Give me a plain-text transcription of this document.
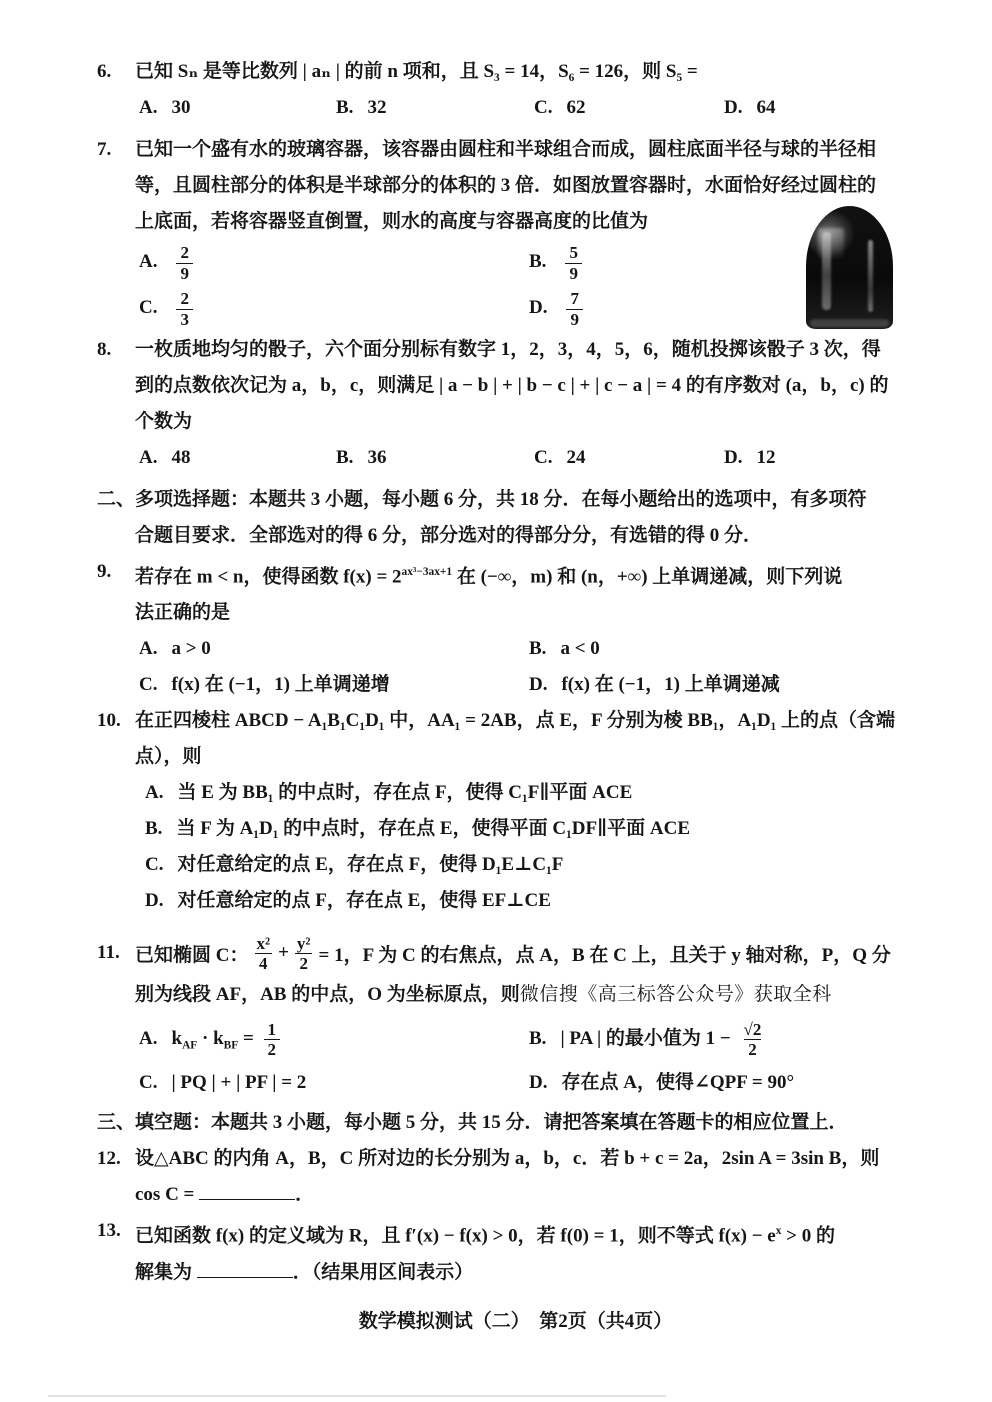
6.	已知 Sₙ 是等比数列 | aₙ | 的前 n 项和，且 S₃ = 14，S₆ = 126，则 S₅ =
A. 30	B. 32	C. 62	D. 64
7.	已知一个盛有水的玻璃容器，该容器由圆柱和半球组合而成，圆柱底面半径与球的半径相
等，且圆柱部分的体积是半球部分的体积的 3 倍．如图放置容器时，水面恰好经过圆柱的
上底面，若将容器竖直倒置，则水的高度与容器高度的比值为
A. $\frac{2}{9}$	B. $\frac{5}{9}$
C. $\frac{2}{3}$	D. $\frac{7}{9}$
8.	一枚质地均匀的骰子，六个面分别标有数字 1，2，3，4，5，6，随机投掷该骰子 3 次，得
到的点数依次记为 a，b，c，则满足 | a − b | + | b − c | + | c − a | = 4 的有序数对 (a，b，c) 的
个数为
A. 48	B. 36	C. 24	D. 12
二、多项选择题：本题共 3 小题，每小题 6 分，共 18 分．在每小题给出的选项中，有多项符
合题目要求．全部选对的得 6 分，部分选对的得部分分，有选错的得 0 分．
9.	若存在 m < n，使得函数 $f(x) = 2^{ax^3-3ax+1}$ 在 (−∞，m) 和 (n，+∞) 上单调递减，则下列说
法正确的是
A. a > 0	B. a < 0
C. f(x) 在 (−1，1) 上单调递增	D. f(x) 在 (−1，1) 上单调递减
10. 在正四棱柱 ABCD − A₁B₁C₁D₁ 中，AA₁ = 2AB，点 E，F 分别为棱 BB₁，A₁D₁ 上的点（含端
点），则
A. 当 E 为 BB₁ 的中点时，存在点 F，使得 C₁F∥平面 ACE
B. 当 F 为 A₁D₁ 的中点时，存在点 E，使得平面 C₁DF∥平面 ACE
C. 对任意给定的点 E，存在点 F，使得 D₁E⊥C₁F
D. 对任意给定的点 F，存在点 E，使得 EF⊥CE
11. 已知椭圆 C： $\frac{\text{x²}}{4} + \frac{\text{y²}}{2} = 1$，F 为 C 的右焦点，点 A，B 在 C 上，且关于 y 轴对称，P，Q 分
别为线段 AF，AB 的中点，O 为坐标原点，则微信搜《高三标答公众号》获取全科
A. $k_{AF} \cdot k_{BF} = \frac{1}{2}$	B. | PA | 的最小值为 $1 - \frac{√2}{2}$
C. | PQ | + | PF | = 2	D. 存在点 A，使得∠QPF = 90°
三、填空题：本题共 3 小题，每小题 5 分，共 15 分．请把答案填在答题卡的相应位置上．
12. 设△ABC 的内角 A，B，C 所对边的长分别为 a，b，c．若 b + c = 2a，2sin A = 3sin B，则
cos C =	．
13. 已知函数 f(x) 的定义域为 R，且 f′(x) − f(x) > 0，若 f(0) = 1，则不等式 $f(x) - e^x > 0$ 的
解集为	．（结果用区间表示）
数学模拟测试（二）　第2页（共4页）
